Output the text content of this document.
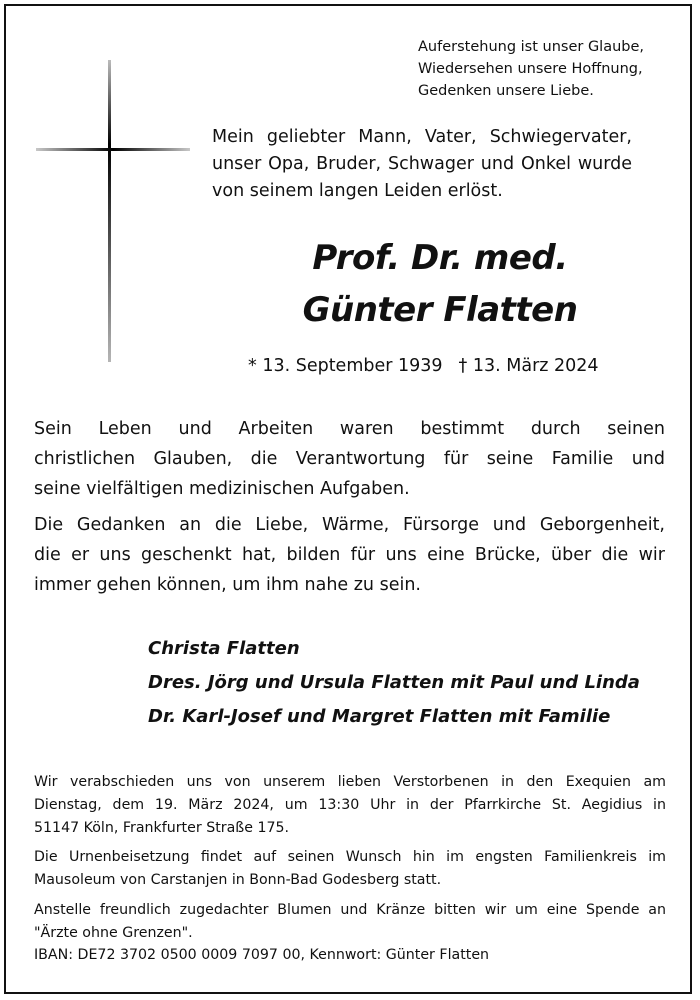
Auferstehung ist unser Glaube,
Wiedersehen unsere Hoffnung,
Gedenken unsere Liebe.
Mein geliebter Mann, Vater, Schwiegervater,
unser Opa, Bruder, Schwager und Onkel wurde
von seinem langen Leiden erlöst.
Prof. Dr. med.
Günter Flatten
* 13. September 1939 † 13. März 2024
Sein Leben und Arbeiten waren bestimmt durch seinen
christlichen Glauben, die Verantwortung für seine Familie und
seine vielfältigen medizinischen Aufgaben.
Die Gedanken an die Liebe, Wärme, Fürsorge und Geborgenheit,
die er uns geschenkt hat, bilden für uns eine Brücke, über die wir
immer gehen können, um ihm nahe zu sein.
Christa Flatten
Dres. Jörg und Ursula Flatten mit Paul und Linda
Dr. Karl-Josef und Margret Flatten mit Familie
Wir verabschieden uns von unserem lieben Verstorbenen in den Exequien am
Dienstag, dem 19. März 2024, um 13:30 Uhr in der Pfarrkirche St. Aegidius in
51147 Köln, Frankfurter Straße 175.
Die Urnenbeisetzung findet auf seinen Wunsch hin im engsten Familienkreis im
Mausoleum von Carstanjen in Bonn-Bad Godesberg statt.
Anstelle freundlich zugedachter Blumen und Kränze bitten wir um eine Spende an
"Ärzte ohne Grenzen".
IBAN: DE72 3702 0500 0009 7097 00, Kennwort: Günter Flatten
